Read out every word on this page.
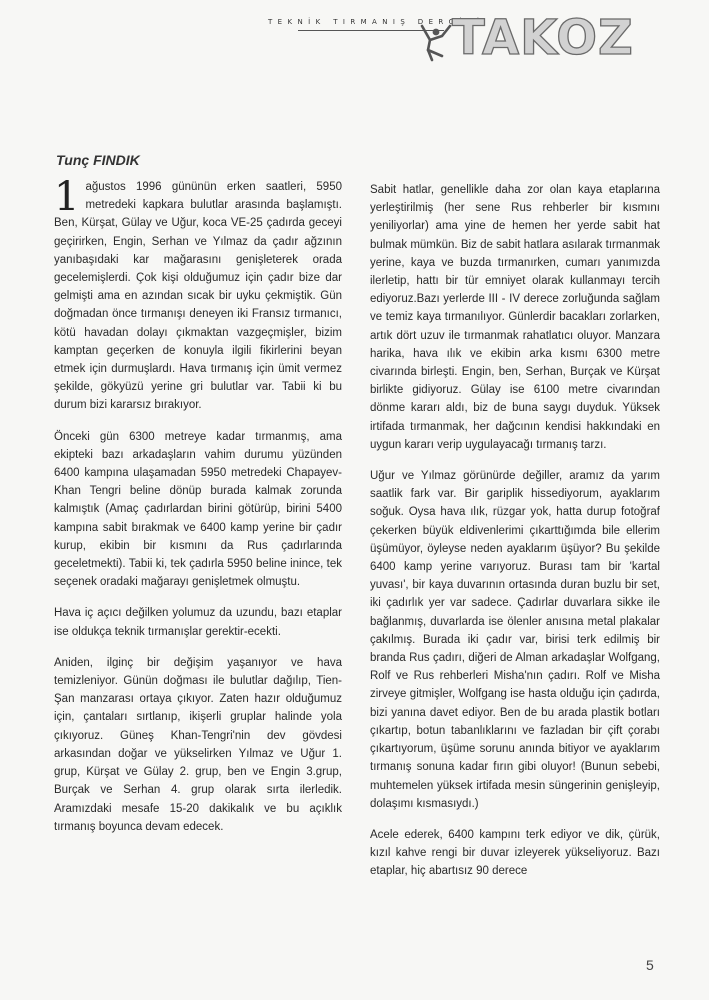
TEKNİK TIRMANIŞ DERGİSİ
TAKOZ
Tunç FINDIK

1 ağustos 1996 gününün erken saatleri, 5950 metredeki kapkara bulutlar arasında başlamıştı. Ben, Kürşat, Gülay ve Uğur, koca VE-25 çadırda geceyi geçirirken, Engin, Serhan ve Yılmaz da çadır ağzının yanıbaşıdaki kar mağarasını genişleterek orada gecelemişlerdi. Çok kişi olduğumuz için çadır bize dar gelmişti ama en azından sıcak bir uyku çekmiştik. Gün doğmadan önce tırmanışı deneyen iki Fransız tırmanıcı, kötü havadan dolayı çıkmaktan vazgeçmişler, bizim kamptan geçerken de konuyla ilgili fikirlerini beyan etmek için durmuşlardı. Hava tırmanış için ümit vermez şekilde, gökyüzü yerine gri bulutlar var. Tabii ki bu durum bizi kararsız bırakıyor.

Önceki gün 6300 metreye kadar tırmanmış, ama ekipteki bazı arkadaşların vahim durumu yüzünden 6400 kampına ulaşamadan 5950 metredeki Chapayev-Khan Tengri beline dönüp burada kalmak zorunda kalmıştık (Amaç çadırlardan birini götürüp, birini 5400 kampına sabit bırakmak ve 6400 kamp yerine bir çadır kurup, ekibin bir kısmını da Rus çadırlarında geceletmekti). Tabii ki, tek çadırla 5950 beline inince, tek seçenek oradaki mağarayı genişletmek olmuştu.

Hava iç açıcı değilken yolumuz da uzundu, bazı etaplar ise oldukça teknik tırmanışlar gerektir-ecekti.

Aniden, ilginç bir değişim yaşanıyor ve hava temizleniyor. Günün doğması ile bulutlar dağılıp, Tien-Şan manzarası ortaya çıkıyor. Zaten hazır olduğumuz için, çantaları sırtlanıp, ikişerli gruplar halinde yola çıkıyoruz. Güneş Khan-Tengri'nin dev gövdesi arkasından doğar ve yükselirken Yılmaz ve Uğur 1. grup, Kürşat ve Gülay 2. grup, ben ve Engin 3.grup, Burçak ve Serhan 4. grup olarak sırta ilerledik. Aramızdaki mesafe 15-20 dakikalık ve bu açıklık tırmanış boyunca devam edecek.

Sabit hatlar, genellikle daha zor olan kaya etaplarına yerleştirilmiş (her sene Rus rehberler bir kısmını yeniliyorlar) ama yine de hemen her yerde sabit hat bulmak mümkün. Biz de sabit hatlara asılarak tırmanmak yerine, kaya ve buzda tırmanırken, cumarı yanımızda ilerletip, hattı bir tür emniyet olarak kullanmayı tercih ediyoruz.Bazı yerlerde III - IV derece zorluğunda sağlam ve temiz kaya tırmanılıyor. Günlerdir bacakları zorlarken, artık dört uzuv ile tırmanmak rahatlatıcı oluyor. Manzara harika, hava ılık ve ekibin arka kısmı 6300 metre civarında birleşti. Engin, ben, Serhan, Burçak ve Kürşat birlikte gidiyoruz. Gülay ise 6100 metre civarından dönme kararı aldı, biz de buna saygı duyduk. Yüksek irtifada tırmanmak, her dağcının kendisi hakkındaki en uygun kararı verip uygulayacağı tırmanış tarzı.

Uğur ve Yılmaz görünürde değiller, aramız da yarım saatlik fark var. Bir gariplik hissediyorum, ayaklarım soğuk. Oysa hava ılık, rüzgar yok, hatta durup fotoğraf çekerken büyük eldivenlerimi çıkarttığımda bile ellerim üşümüyor, öyleyse neden ayaklarım üşüyor? Bu şekilde 6400 kamp yerine varıyoruz. Burası tam bir 'kartal yuvası', bir kaya duvarının ortasında duran buzlu bir set, iki çadırlık yer var sadece. Çadırlar duvarlara sikke ile bağlanmış, duvarlarda ise ölenler anısına metal plakalar çakılmış. Burada iki çadır var, birisi terk edilmiş bir branda Rus çadırı, diğeri de Alman arkadaşlar Wolfgang, Rolf ve Rus rehberleri Misha'nın çadırı. Rolf ve Misha zirveye gitmişler, Wolfgang ise hasta olduğu için çadırda, bizi yanına davet ediyor. Ben de bu arada plastik botları çıkartıp, botun tabanlıklarını ve fazladan bir çift çorabı çıkartıyorum, üşüme sorunu anında bitiyor ve ayaklarım tırmanış sonuna kadar fırın gibi oluyor! (Bunun sebebi, muhtemelen yüksek irtifada mesin süngerinin genişleyip, dolaşımı kısmasıydı.)

Acele ederek, 6400 kampını terk ediyor ve dik, çürük, kızıl kahve rengi bir duvar izleyerek yükseliyoruz. Bazı etaplar, hiç abartısız 90 derece

5
